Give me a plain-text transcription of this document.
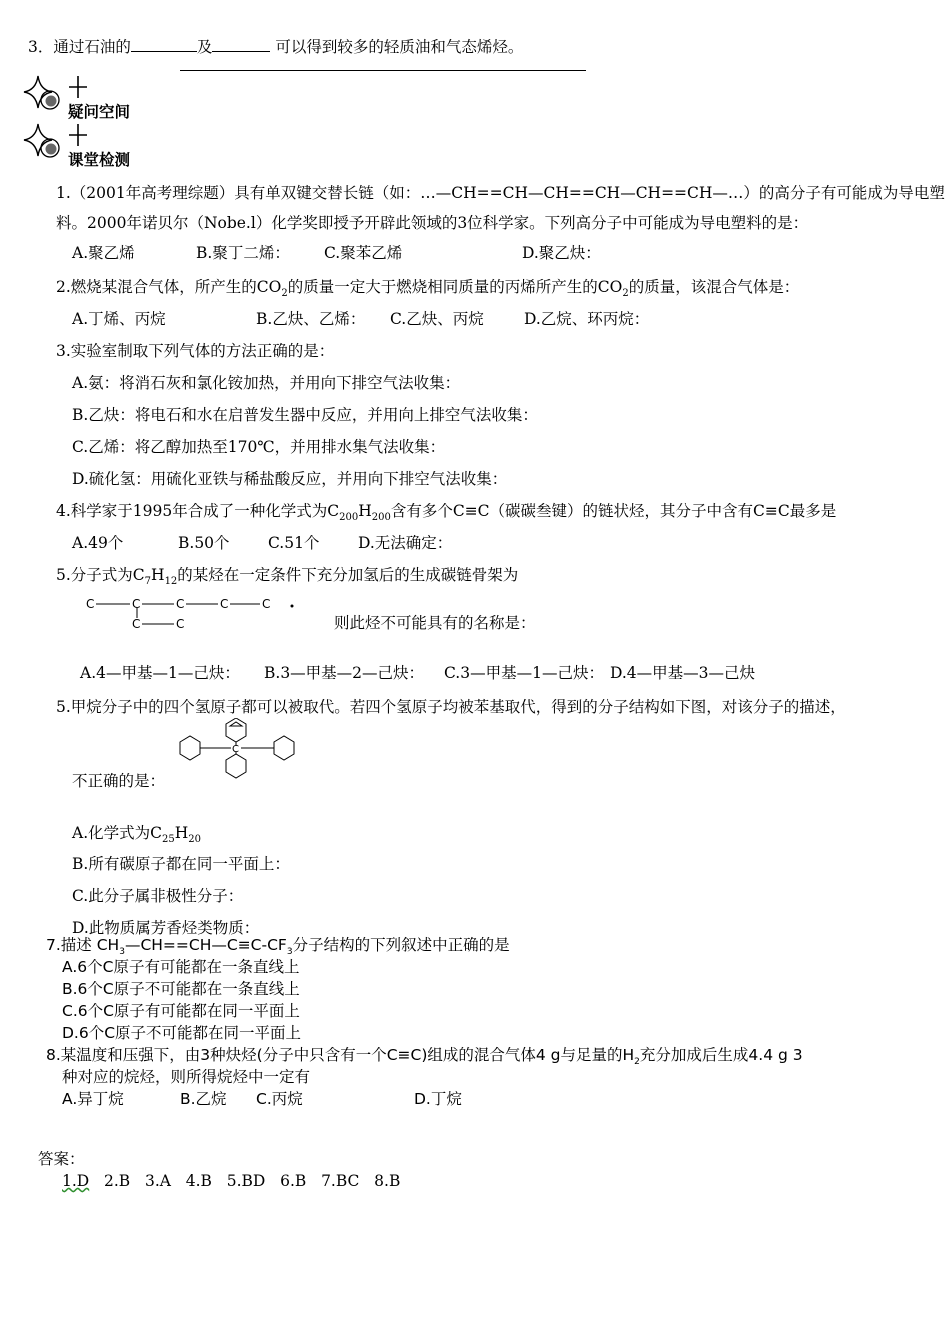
3．通过石油的	及	可以得到较多的轻质油和气态烯烃。
疑问空间
课堂检测
1.（2001年高考理综题）具有单双键交替长链（如：…—CH==CH—CH==CH—CH==CH—…）的高分子有可能成为导电塑
料。2000年诺贝尔（Nobe.l）化学奖即授予开辟此领域的3位科学家。下列高分子中可能成为导电塑料的是：
A.聚乙烯	B.聚丁二烯： C.聚苯乙烯	D.聚乙炔：
2.燃烧某混合气体，所产生的$CO_2$的质量一定大于燃烧相同质量的丙烯所产生的$CO_2$的质量，该混合气体是：
A.丁烯、丙烷	B.乙炔、乙烯： C.乙炔、丙烷	D.乙烷、环丙烷：
3.实验室制取下列气体的方法正确的是：
A.氨：将消石灰和氯化铵加热，并用向下排空气法收集：
B.乙炔：将电石和水在启普发生器中反应，并用向上排空气法收集：
C.乙烯：将乙醇加热至170℃，并用排水集气法收集：
D.硫化氢：用硫化亚铁与稀盐酸反应，并用向下排空气法收集：
4.科学家于1995年合成了一种化学式为$C_{200}H_{200}$含有多个C≡C（碳碳叁键）的链状烃，其分子中含有C≡C最多是
A.49个	B.50个 C.51个 D.无法确定：
5.分子式为$C_7H_{12}$的某烃在一定条件下充分加氢后的生成碳链骨架为
C	C	C	C	C
C	C	则此烃不可能具有的名称是：
A.4—甲基—1—己炔： B.3—甲基—2—己炔： C.3—甲基—1—己炔： D.4—甲基—3—己炔
5.甲烷分子中的四个氢原子都可以被取代。若四个氢原子均被苯基取代，得到的分子结构如下图，对该分子的描述，
C
不正确的是：
A.化学式为$C_{25}H_{20}$
B.所有碳原子都在同一平面上：
C.此分子属非极性分子：
D.此物质属芳香烃类物质：
7.描述 $CH_3—CH==CH—C\equiv C-CF_3$分子结构的下列叙述中正确的是
A.6个C原子有可能都在一条直线上
B.6个C原子不可能都在一条直线上
C.6个C原子有可能都在同一平面上
D.6个C原子不可能都在同一平面上
8.某温度和压强下，由3种炔烃(分子中只含有一个C≡C)组成的混合气体4 g与足量的$H_2$充分加成后生成4.4 g 3
种对应的烷烃，则所得烷烃中一定有
A.异丁烷	B.乙烷 C.丙烷	D.丁烷
答案：
1.D 2.B 3.A 4.B 5.BD 6.B 7.BC 8.B
